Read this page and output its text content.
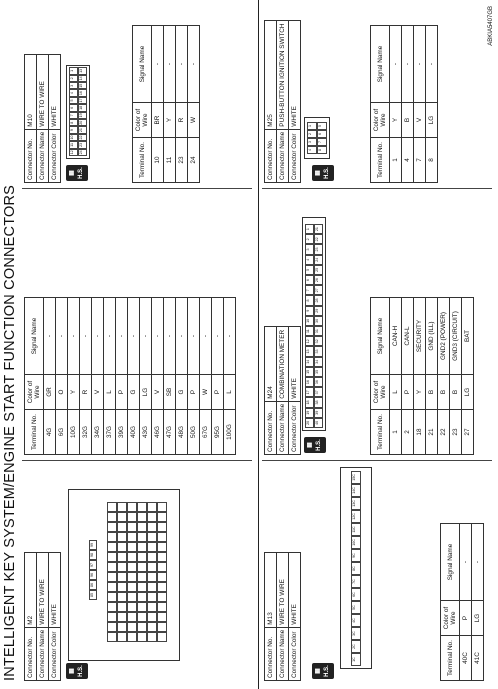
INTELLIGENT KEY SYSTEM/ENGINE START FUNCTION CONNECTORS
ABKIA5407GB
Connector No.	M2
Connector Name	WIRE TO WIRE
Connector Color	WHITE
▦ H.S.
85
86
96
97
98
99
Terminal No.	Color of Wire	Signal Name
4G	GR	-
6G	O	-
10G	Y	-
32G	R	-
34G	V	-
37G	L	-
39G	P	-
40G	G	-
43G	LG	-
46G	V	-
47G	SB	-
48G	G	-
50G	P	-
67G	W	-
95G	P	-
100G	L	-
Connector No.	M10
Connector Name	WIRE TO WIRE
Connector Color	WHITE
▦ H.S.
12
11
10
9
8
7
6
5
4
3
2
1
24
23
22
21
20
19
18
17
16
15
14
13
Terminal No.	Color of Wire	Signal Name
10	BR	-
11	Y	-
23	R	-
24	W	-
Connector No.	M13
Connector Name	WIRE TO WIRE
Connector Color	WHITE
▦ H.S.
1C
2C
3C
4C
5C
6C
7C
8C
9C
10C
11C
12C
13C
14C
15C
Terminal No.	Color of Wire	Signal Name
40C	P	-
41C	LG	-
Connector No.	M24
Connector Name	COMBINATION METER
Connector Color	WHITE
▦ H.S.
20
19
18
17
16
15
14
13
12
11
10
9
8
7
6
5
4
3
2
1
40
39
38
37
36
35
34
33
32
31
30
29
28
27
26
25
24
23
22
21
Terminal No.	Color of Wire	Signal Name
1	L	CAN-H
2	P	CAN-L
18	Y	SECURITY
21	B	GND (ILL)
22	B	GND2 (POWER)
23	B	GND3 (CIRCUIT)
27	LG	BAT
Connector No.	M25
Connector Name	PUSH-BUTTON IGNITION SWITCH
Connector Color	WHITE
▦ H.S.
4
3
2
1
8
7
6
5
Terminal No.	Color of Wire	Signal Name
1	Y	-
4	B	-
7	V	-
8	LG	-
